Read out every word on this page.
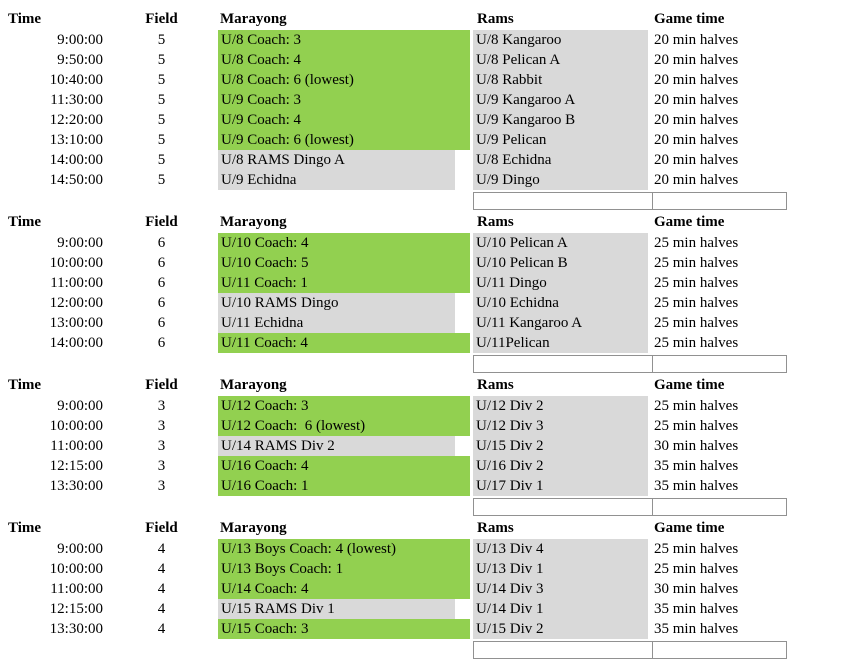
Time	Field	Marayong	Rams	Game time
9:00:00	5	U/8 Coach: 3	U/8 Kangaroo	20 min halves
9:50:00	5	U/8 Coach: 4	U/8 Pelican A	20 min halves
10:40:00	5	U/8 Coach: 6 (lowest)	U/8 Rabbit	20 min halves
11:30:00	5	U/9 Coach: 3	U/9 Kangaroo A	20 min halves
12:20:00	5	U/9 Coach: 4	U/9 Kangaroo B	20 min halves
13:10:00	5	U/9 Coach: 6 (lowest)	U/9 Pelican	20 min halves
14:00:00	5	U/8 RAMS Dingo A	U/8 Echidna	20 min halves
14:50:00	5	U/9 Echidna	U/9 Dingo	20 min halves
Time	Field	Marayong	Rams	Game time
9:00:00	6	U/10 Coach: 4	U/10 Pelican A	25 min halves
10:00:00	6	U/10 Coach: 5	U/10 Pelican B	25 min halves
11:00:00	6	U/11 Coach: 1	U/11 Dingo	25 min halves
12:00:00	6	U/10 RAMS Dingo	U/10 Echidna	25 min halves
13:00:00	6	U/11 Echidna	U/11 Kangaroo A	25 min halves
14:00:00	6	U/11 Coach: 4	U/11Pelican	25 min halves
Time	Field	Marayong	Rams	Game time
9:00:00	3	U/12 Coach: 3	U/12 Div 2	25 min halves
10:00:00	3	U/12 Coach:  6 (lowest)	U/12 Div 3	25 min halves
11:00:00	3	U/14 RAMS Div 2	U/15 Div 2	30 min halves
12:15:00	3	U/16 Coach: 4	U/16 Div 2	35 min halves
13:30:00	3	U/16 Coach: 1	U/17 Div 1	35 min halves
Time	Field	Marayong	Rams	Game time
9:00:00	4	U/13 Boys Coach: 4 (lowest)	U/13 Div 4	25 min halves
10:00:00	4	U/13 Boys Coach: 1	U/13 Div 1	25 min halves
11:00:00	4	U/14 Coach: 4	U/14 Div 3	30 min halves
12:15:00	4	U/15 RAMS Div 1	U/14 Div 1	35 min halves
13:30:00	4	U/15 Coach: 3	U/15 Div 2	35 min halves
